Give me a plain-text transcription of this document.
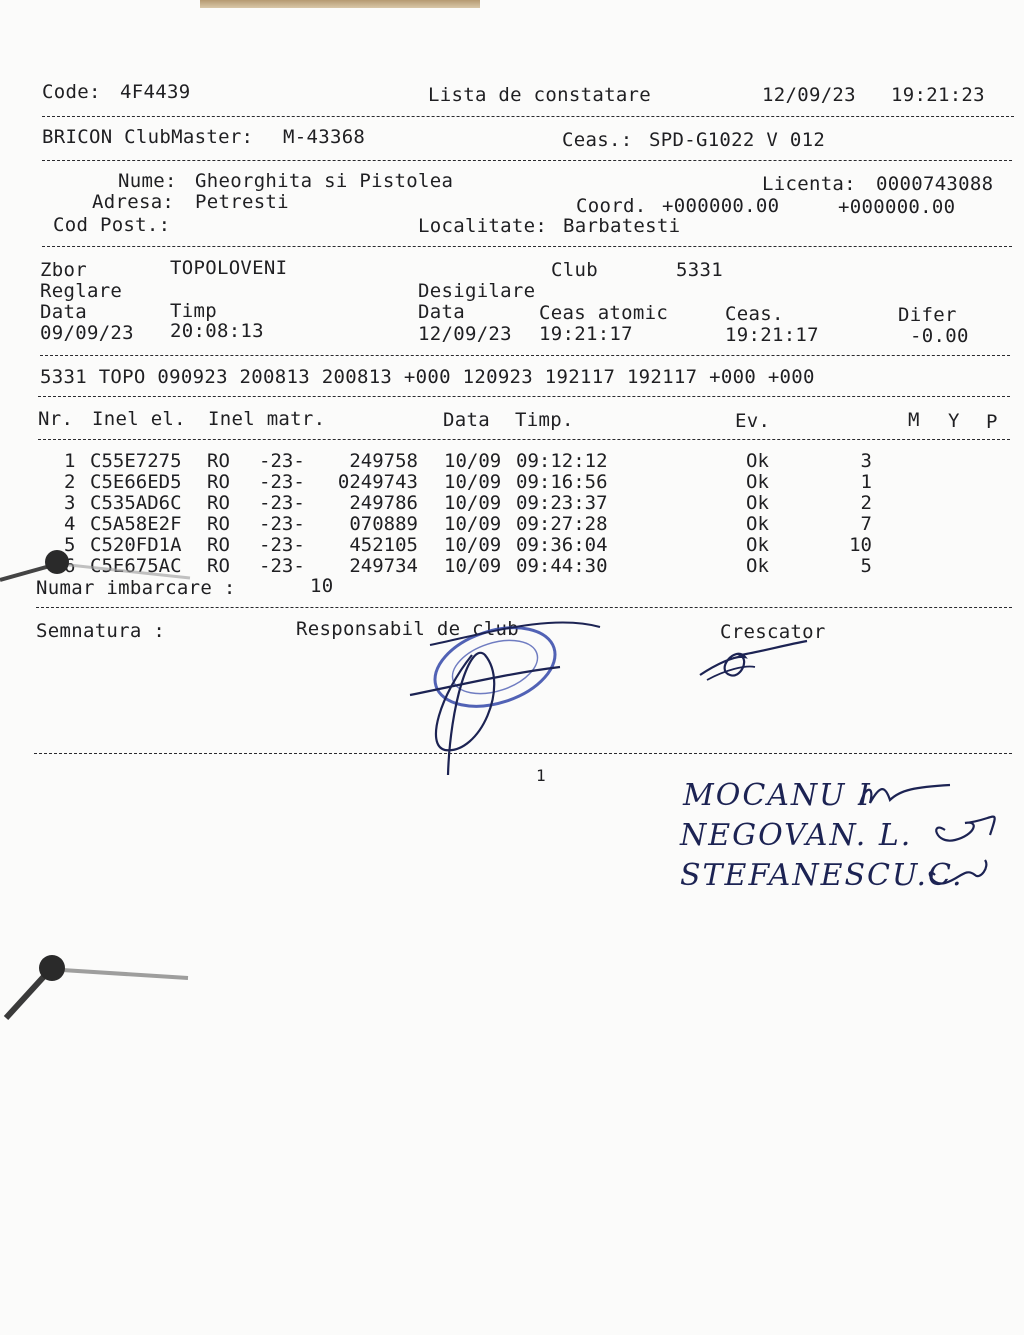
Code: 4F4439	Lista de constatare	12/09/23 19:21:23
BRICON ClubMaster: M-43368	Ceas.: SPD-G1022 V 012
Nume: Gheorghita si Pistolea	Licenta: 0000743088
Adresa: Petresti	Coord. +000000.00	+000000.00
Cod Post.:	Localitate: Barbatesti
Zbor	TOPOLOVENI	Club	5331
Reglare	Desigilare
Data	Timp	Data	Ceas atomic	Ceas.	Difer
09/09/23 20:08:13	12/09/23 19:21:17	19:21:17	-0.00
5331 TOPO 090923 200813 200813 +000 120923 192117 192117 +000 +000
Nr. Inel el. Inel matr.	Data Timp.	Ev.	M Y P
1 C55E7275 RO -23-	249758 10/09 09:12:12	Ok	3
2 C5E66ED5 RO -23-	0249743 10/09 09:16:56	Ok	1
3 C535AD6C RO -23-	249786 10/09 09:23:37	Ok	2
4 C5A58E2F RO -23-	070889 10/09 09:27:28	Ok	7
5 C520FD1A RO -23-	452105 10/09 09:36:04	Ok	10
C5E675AC RO -23-	249734 10/09 09:44:30	Ok	5
Numar imbarcare :	10
Semnatura :	Responsabil de club	Crescator
1
MOCANU I
NEGOVAN. L.
STEFANESCU.C.
